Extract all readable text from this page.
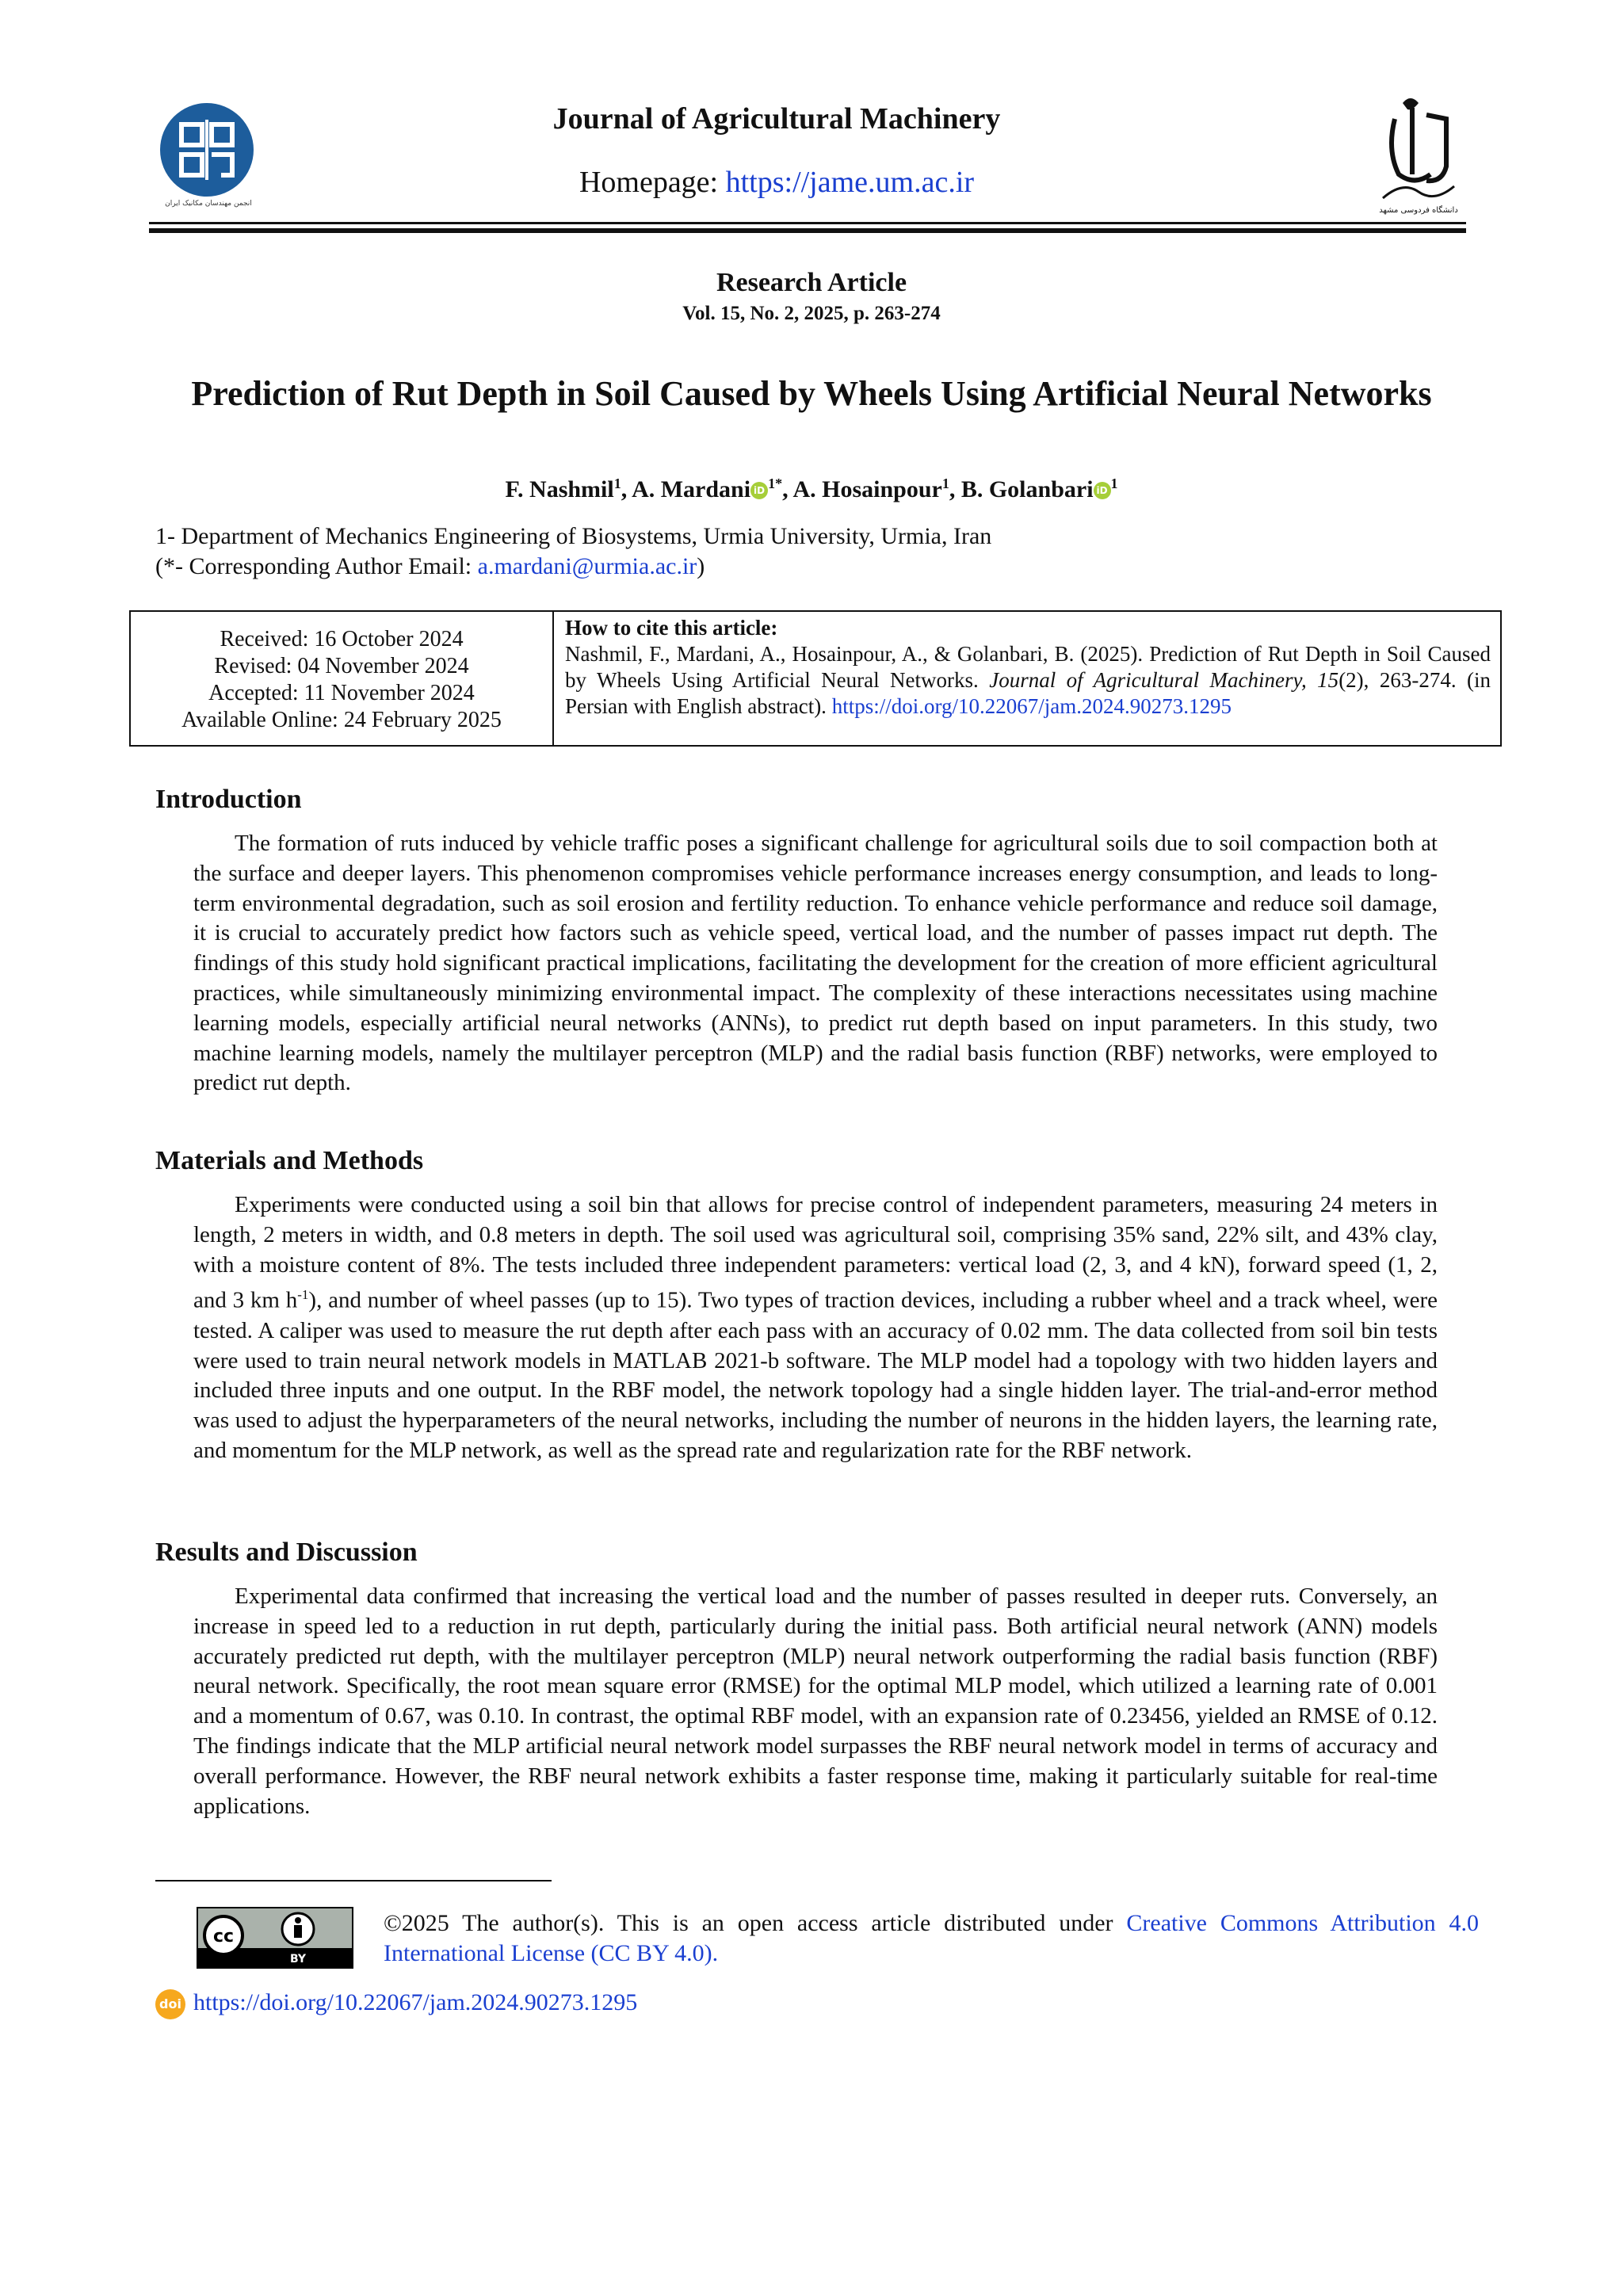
انجمن مهندسان مکانیک ایران
Journal of Agricultural Machinery
Homepage: https://jame.um.ac.ir
دانشگاه فردوسی مشهد
Research Article
Vol. 15, No. 2, 2025, p. 263-274
Prediction of Rut Depth in Soil Caused by Wheels Using Artificial Neural Networks
F. Nashmil$^1$, A. Mardani iD $^{1*}$, A. Hosainpour$^1$, B. Golanbari iD $^1$
1- Department of Mechanics Engineering of Biosystems, Urmia University, Urmia, Iran
(*- Corresponding Author Email: a.mardani@urmia.ac.ir)
Received: 16 October 2024
Revised: 04 November 2024
Accepted: 11 November 2024
Available Online: 24 February 2025
How to cite this article:
Nashmil, F., Mardani, A., Hosainpour, A., & Golanbari, B. (2025). Prediction of Rut Depth in Soil Caused by Wheels Using Artificial Neural Networks. Journal of Agricultural Machinery, 15(2), 263-274. (in Persian with English abstract). https://doi.org/10.22067/jam.2024.90273.1295
Introduction
The formation of ruts induced by vehicle traffic poses a significant challenge for agricultural soils due to soil compaction both at the surface and deeper layers. This phenomenon compromises vehicle performance increases energy consumption, and leads to long-term environmental degradation, such as soil erosion and fertility reduction. To enhance vehicle performance and reduce soil damage, it is crucial to accurately predict how factors such as vehicle speed, vertical load, and the number of passes impact rut depth. The findings of this study hold significant practical implications, facilitating the development for the creation of more efficient agricultural practices, while simultaneously minimizing environmental impact. The complexity of these interactions necessitates using machine learning models, especially artificial neural networks (ANNs), to predict rut depth based on input parameters. In this study, two machine learning models, namely the multilayer perceptron (MLP) and the radial basis function (RBF) networks, were employed to predict rut depth.
Materials and Methods
Experiments were conducted using a soil bin that allows for precise control of independent parameters, measuring 24 meters in length, 2 meters in width, and 0.8 meters in depth. The soil used was agricultural soil, comprising 35% sand, 22% silt, and 43% clay, with a moisture content of 8%. The tests included three independent parameters: vertical load (2, 3, and 4 kN), forward speed (1, 2, and 3 km $h^{-1}$), and number of wheel passes (up to 15). Two types of traction devices, including a rubber wheel and a track wheel, were tested. A caliper was used to measure the rut depth after each pass with an accuracy of 0.02 mm. The data collected from soil bin tests were used to train neural network models in MATLAB 2021-b software. The MLP model had a topology with two hidden layers and included three inputs and one output. In the RBF model, the network topology had a single hidden layer. The trial-and-error method was used to adjust the hyperparameters of the neural networks, including the number of neurons in the hidden layers, the learning rate, and momentum for the MLP network, as well as the spread rate and regularization rate for the RBF network.
Results and Discussion
Experimental data confirmed that increasing the vertical load and the number of passes resulted in deeper ruts. Conversely, an increase in speed led to a reduction in rut depth, particularly during the initial pass. Both artificial neural network (ANN) models accurately predicted rut depth, with the multilayer perceptron (MLP) neural network outperforming the radial basis function (RBF) neural network. Specifically, the root mean square error (RMSE) for the optimal MLP model, which utilized a learning rate of 0.001 and a momentum of 0.67, was 0.10. In contrast, the optimal RBF model, with an expansion rate of 0.23456, yielded an RMSE of 0.12. The findings indicate that the MLP artificial neural network model surpasses the RBF neural network model in terms of accuracy and overall performance. However, the RBF neural network exhibits a faster response time, making it particularly suitable for real-time applications.
cc
BY
©2025 The author(s). This is an open access article distributed under Creative Commons Attribution 4.0 International License (CC BY 4.0).
doi https://doi.org/10.22067/jam.2024.90273.1295
